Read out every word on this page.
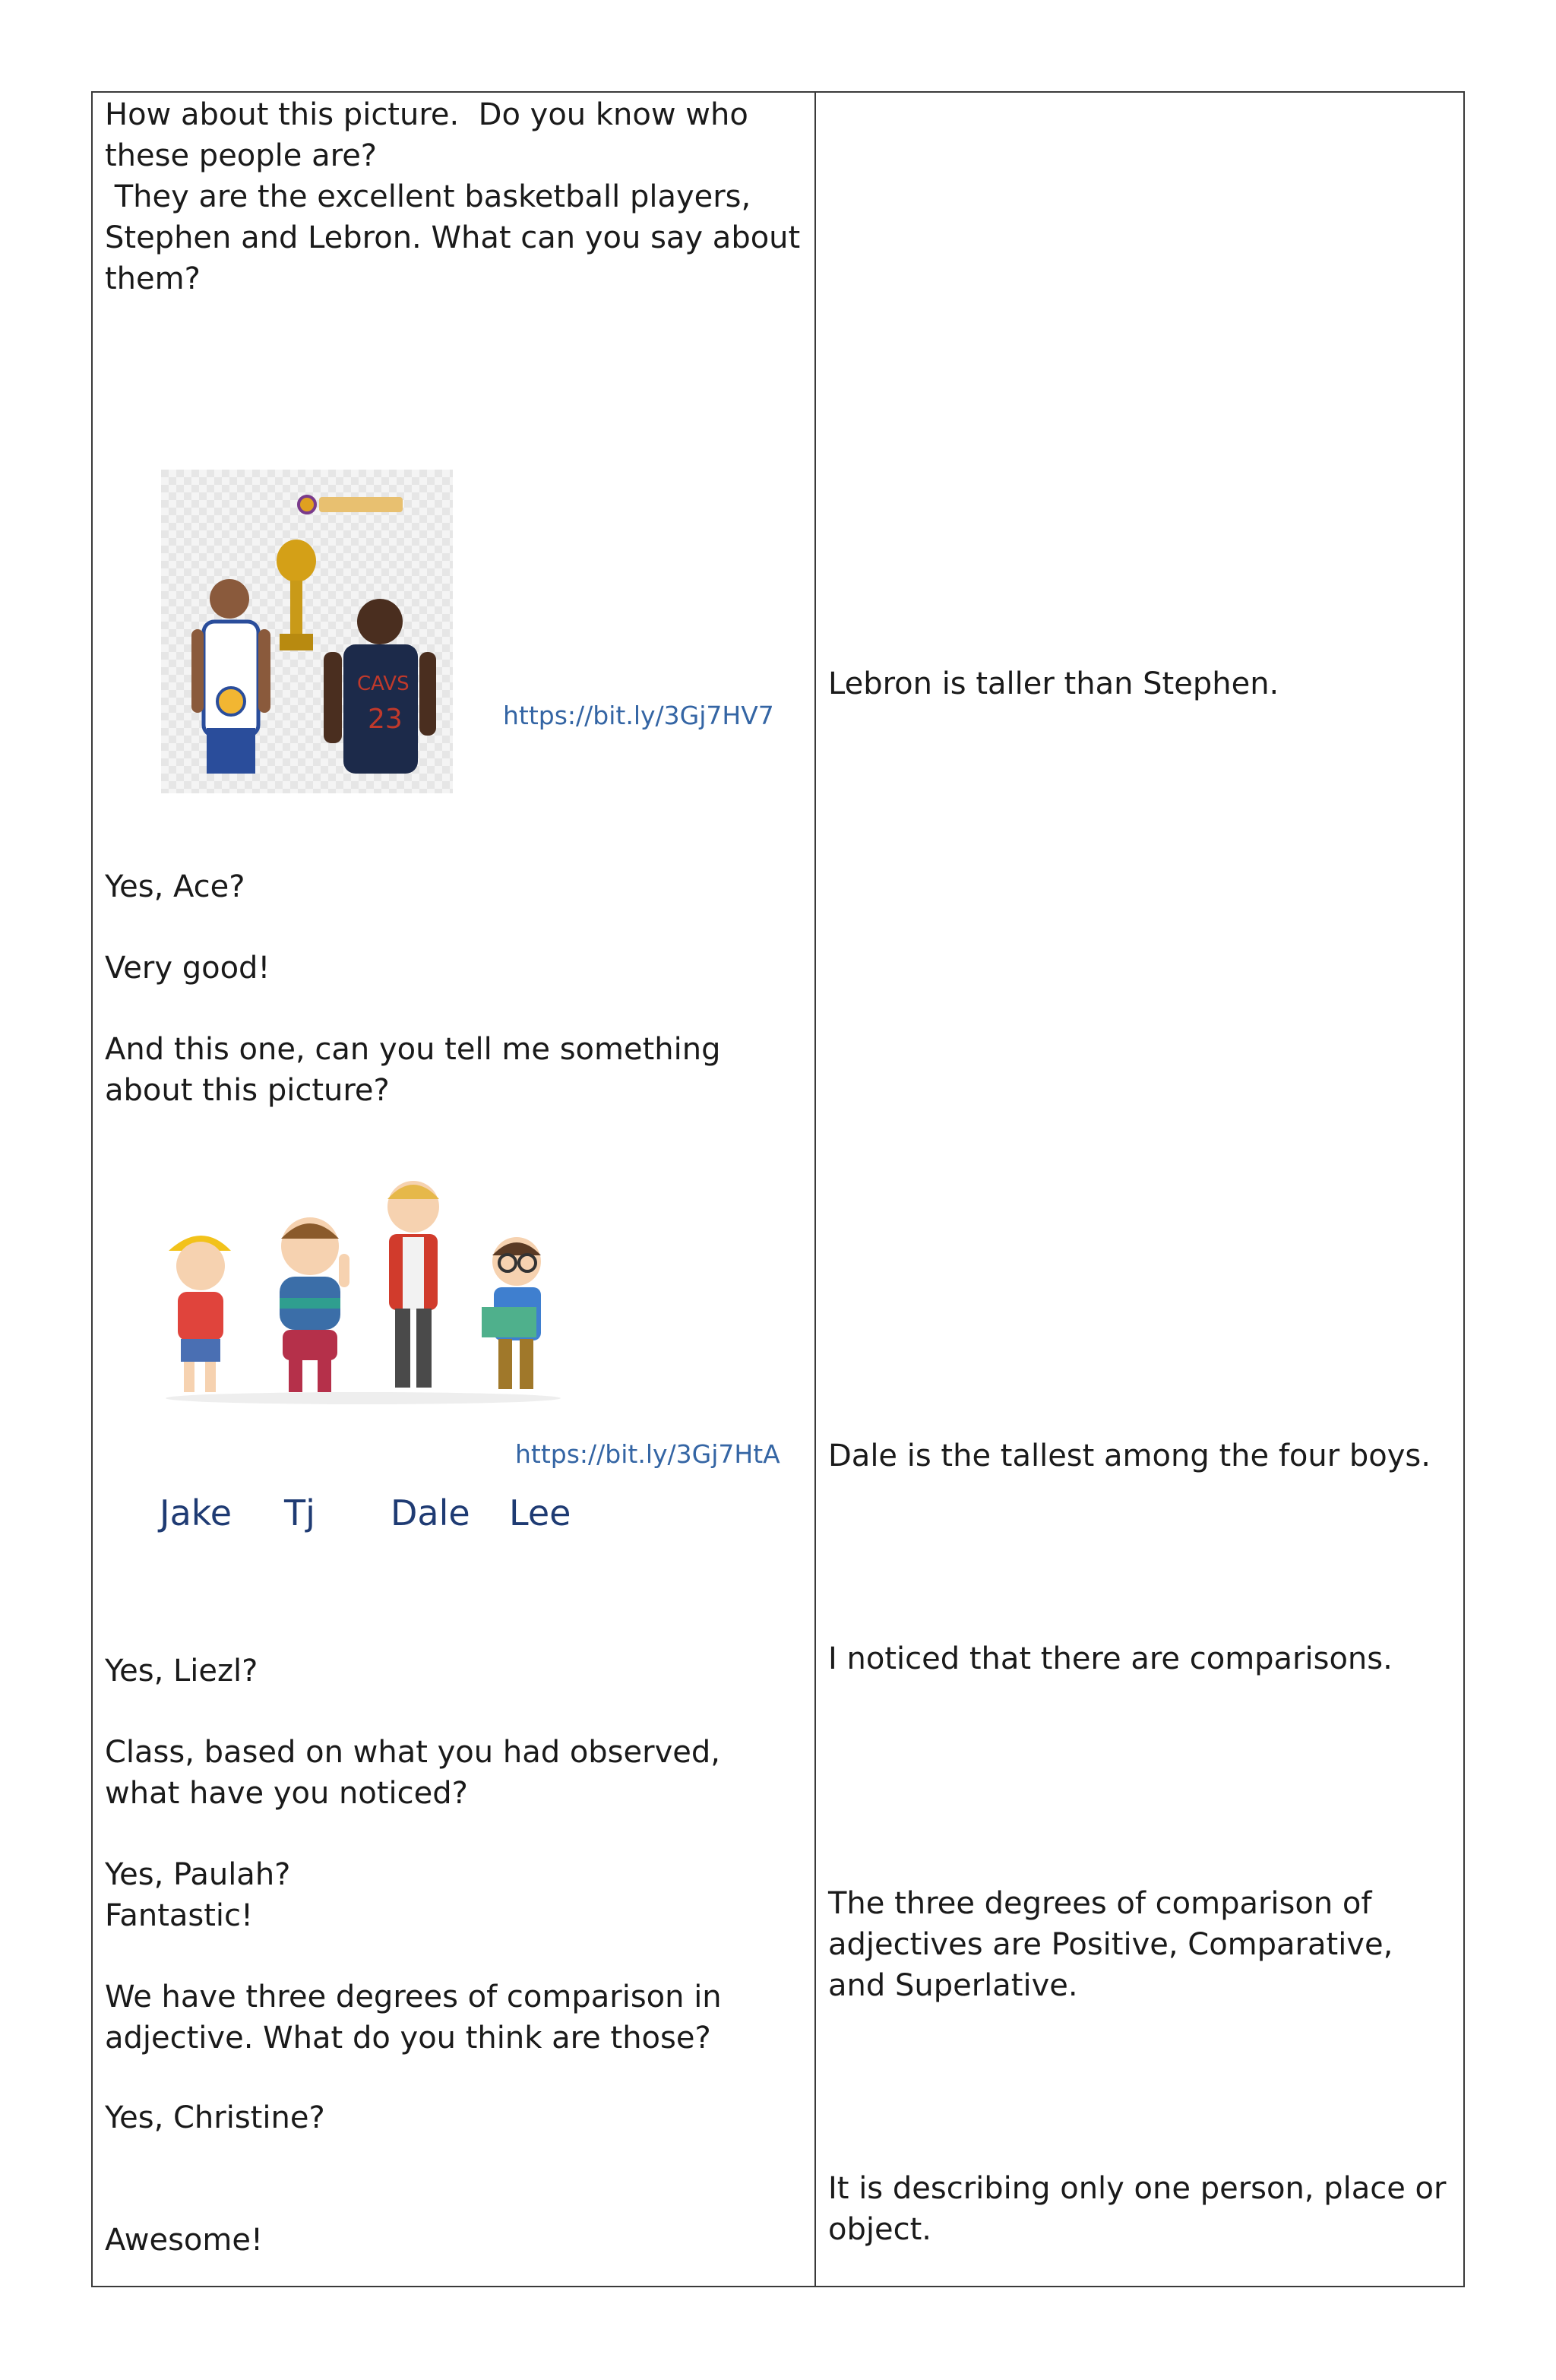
How about this picture.  Do you know who these people are?
They are the excellent basketball players, Stephen and Lebron. What can you say about them?

CAVS
23	https://bit.ly/3Gj7HV7

Yes, Ace?

Very good!

And this one, can you tell me something about this picture?

https://bit.ly/3Gj7HtA
Jake Tj Dale Lee

Yes, Liezl?

Class, based on what you had observed, what have you noticed?

Yes, Paulah?
Fantastic!

We have three degrees of comparison in adjective. What do you think are those?

Yes, Christine?

Awesome!

Lebron is taller than Stephen.

Dale is the tallest among the four boys.

I noticed that there are comparisons.

The three degrees of comparison of adjectives are Positive, Comparative, and Superlative.

It is describing only one person, place or object.
